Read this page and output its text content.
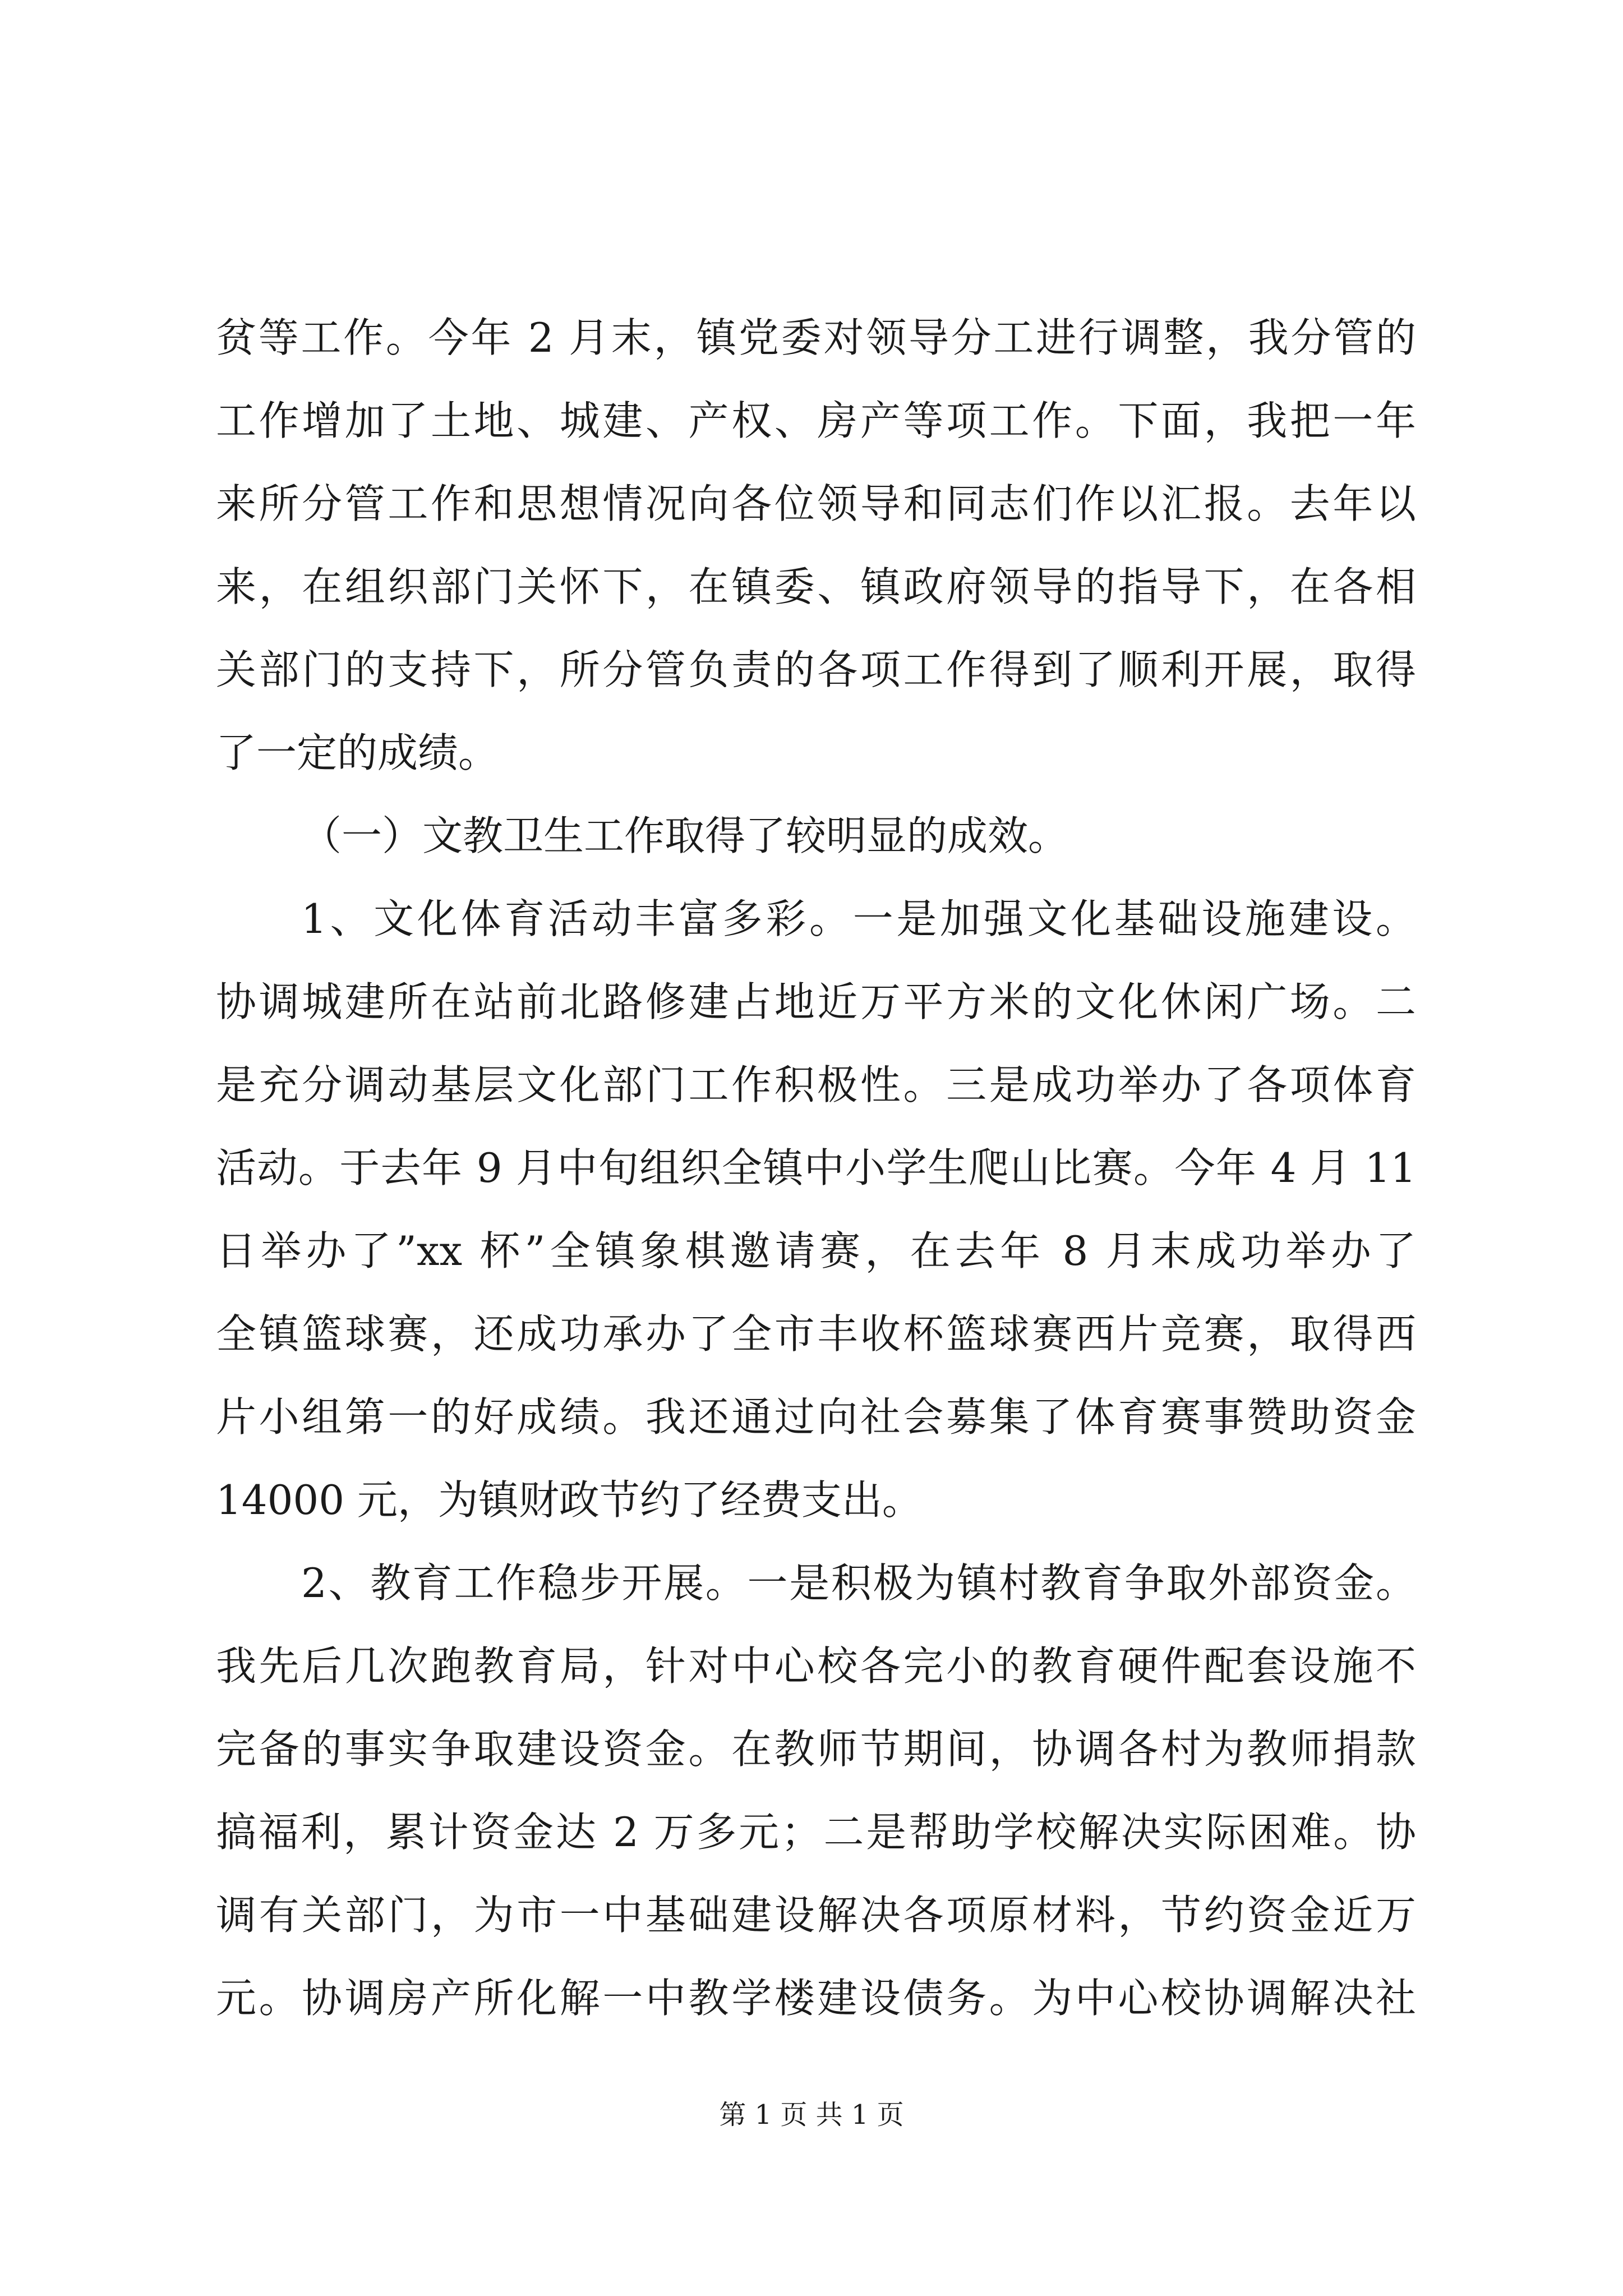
贫等工作。今年 2 月末，镇党委对领导分工进行调整，我分管的
工作增加了土地、城建、产权、房产等项工作。下面，我把一年
来所分管工作和思想情况向各位领导和同志们作以汇报。去年以
来，在组织部门关怀下，在镇委、镇政府领导的指导下，在各相
关部门的支持下，所分管负责的各项工作得到了顺利开展，取得
了一定的成绩。
（一）文教卫生工作取得了较明显的成效。
1、文化体育活动丰富多彩。一是加强文化基础设施建设。
协调城建所在站前北路修建占地近万平方米的文化休闲广场。二
是充分调动基层文化部门工作积极性。三是成功举办了各项体育
活动。于去年 9 月中旬组织全镇中小学生爬山比赛。今年 4 月 11
日举办了”xx 杯”全镇象棋邀请赛，在去年 8 月末成功举办了
全镇篮球赛，还成功承办了全市丰收杯篮球赛西片竞赛，取得西
片小组第一的好成绩。我还通过向社会募集了体育赛事赞助资金
14000 元，为镇财政节约了经费支出。
2、教育工作稳步开展。一是积极为镇村教育争取外部资金。
我先后几次跑教育局，针对中心校各完小的教育硬件配套设施不
完备的事实争取建设资金。在教师节期间，协调各村为教师捐款
搞福利，累计资金达 2 万多元；二是帮助学校解决实际困难。协
调有关部门，为市一中基础建设解决各项原材料，节约资金近万
元。协调房产所化解一中教学楼建设债务。为中心校协调解决社
第 1 页 共 1 页
